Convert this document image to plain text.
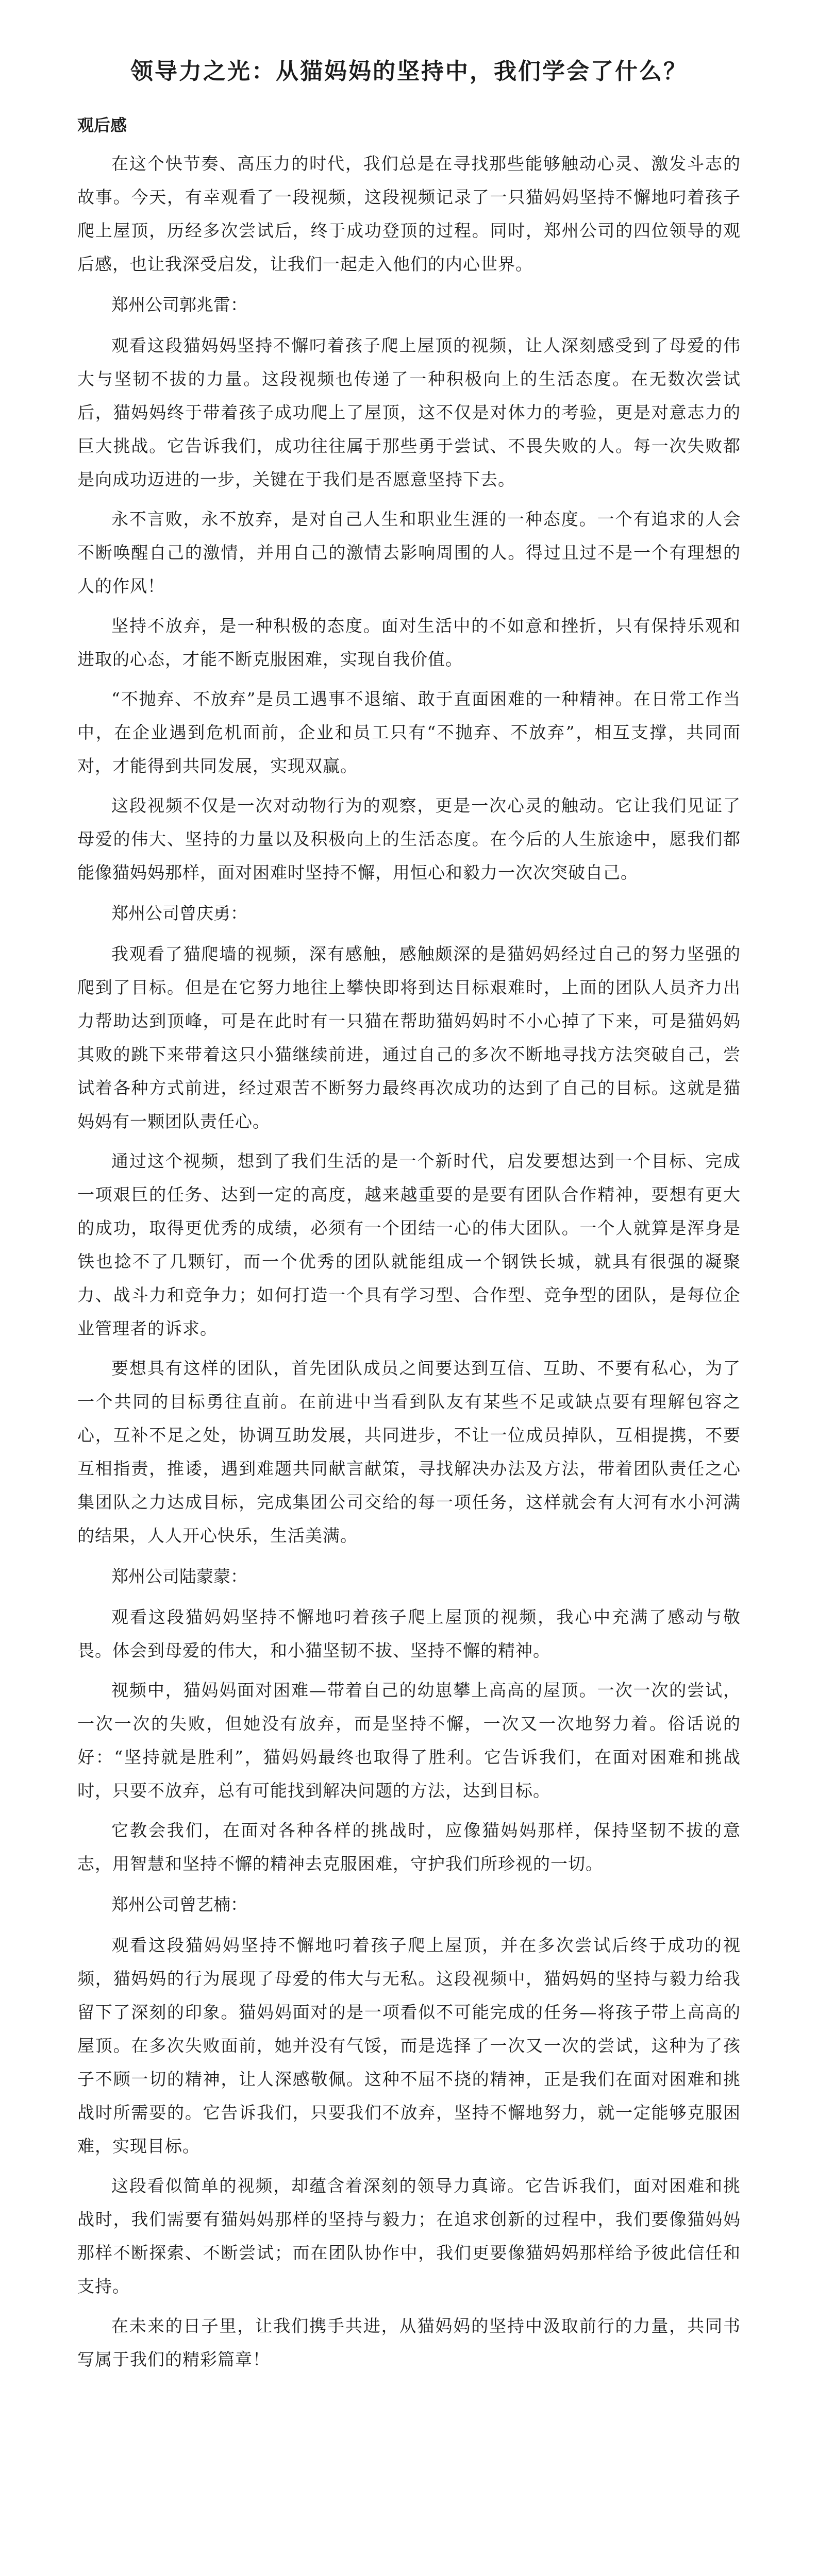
领导力之光：从猫妈妈的坚持中，我们学会了什么？
观后感

在这个快节奏、高压力的时代，我们总是在寻找那些能够触动心灵、激发斗志的故事。今天，有幸观看了一段视频，这段视频记录了一只猫妈妈坚持不懈地叼着孩子爬上屋顶，历经多次尝试后，终于成功登顶的过程。同时，郑州公司的四位领导的观后感，也让我深受启发，让我们一起走入他们的内心世界。

郑州公司郭兆雷：

观看这段猫妈妈坚持不懈叼着孩子爬上屋顶的视频，让人深刻感受到了母爱的伟大与坚韧不拔的力量。这段视频也传递了一种积极向上的生活态度。在无数次尝试后，猫妈妈终于带着孩子成功爬上了屋顶，这不仅是对体力的考验，更是对意志力的巨大挑战。它告诉我们，成功往往属于那些勇于尝试、不畏失败的人。每一次失败都是向成功迈进的一步，关键在于我们是否愿意坚持下去。

永不言败，永不放弃，是对自己人生和职业生涯的一种态度。一个有追求的人会不断唤醒自己的激情，并用自己的激情去影响周围的人。得过且过不是一个有理想的人的作风！

坚持不放弃，是一种积极的态度。面对生活中的不如意和挫折，只有保持乐观和进取的心态，才能不断克服困难，实现自我价值。

“不抛弃、不放弃”是员工遇事不退缩、敢于直面困难的一种精神。在日常工作当中，在企业遇到危机面前，企业和员工只有“不抛弃、不放弃”，相互支撑，共同面对，才能得到共同发展，实现双赢。

这段视频不仅是一次对动物行为的观察，更是一次心灵的触动。它让我们见证了母爱的伟大、坚持的力量以及积极向上的生活态度。在今后的人生旅途中，愿我们都能像猫妈妈那样，面对困难时坚持不懈，用恒心和毅力一次次突破自己。

郑州公司曾庆勇：

我观看了猫爬墙的视频，深有感触，感触颇深的是猫妈妈经过自己的努力坚强的爬到了目标。但是在它努力地往上攀快即将到达目标艰难时，上面的团队人员齐力出力帮助达到顶峰，可是在此时有一只猫在帮助猫妈妈时不小心掉了下来，可是猫妈妈其败的跳下来带着这只小猫继续前进，通过自己的多次不断地寻找方法突破自己，尝试着各种方式前进，经过艰苦不断努力最终再次成功的达到了自己的目标。这就是猫妈妈有一颗团队责任心。

通过这个视频，想到了我们生活的是一个新时代，启发要想达到一个目标、完成一项艰巨的任务、达到一定的高度，越来越重要的是要有团队合作精神，要想有更大的成功，取得更优秀的成绩，必须有一个团结一心的伟大团队。一个人就算是浑身是铁也捻不了几颗钉，而一个优秀的团队就能组成一个钢铁长城，就具有很强的凝聚力、战斗力和竞争力；如何打造一个具有学习型、合作型、竞争型的团队，是每位企业管理者的诉求。

要想具有这样的团队，首先团队成员之间要达到互信、互助、不要有私心，为了一个共同的目标勇往直前。在前进中当看到队友有某些不足或缺点要有理解包容之心，互补不足之处，协调互助发展，共同进步，不让一位成员掉队，互相提携，不要互相指责，推诿，遇到难题共同献言献策，寻找解决办法及方法，带着团队责任之心集团队之力达成目标，完成集团公司交给的每一项任务，这样就会有大河有水小河满的结果，人人开心快乐，生活美满。

郑州公司陆蒙蒙：

观看这段猫妈妈坚持不懈地叼着孩子爬上屋顶的视频，我心中充满了感动与敬畏。体会到母爱的伟大，和小猫坚韧不拔、坚持不懈的精神。

视频中，猫妈妈面对困难—带着自己的幼崽攀上高高的屋顶。一次一次的尝试，一次一次的失败，但她没有放弃，而是坚持不懈，一次又一次地努力着。俗话说的好：“坚持就是胜利”，猫妈妈最终也取得了胜利。它告诉我们，在面对困难和挑战时，只要不放弃，总有可能找到解决问题的方法，达到目标。

它教会我们，在面对各种各样的挑战时，应像猫妈妈那样，保持坚韧不拔的意志，用智慧和坚持不懈的精神去克服困难，守护我们所珍视的一切。

郑州公司曾艺楠：

观看这段猫妈妈坚持不懈地叼着孩子爬上屋顶，并在多次尝试后终于成功的视频，猫妈妈的行为展现了母爱的伟大与无私。这段视频中，猫妈妈的坚持与毅力给我留下了深刻的印象。猫妈妈面对的是一项看似不可能完成的任务—将孩子带上高高的屋顶。在多次失败面前，她并没有气馁，而是选择了一次又一次的尝试，这种为了孩子不顾一切的精神，让人深感敬佩。这种不屈不挠的精神，正是我们在面对困难和挑战时所需要的。它告诉我们，只要我们不放弃，坚持不懈地努力，就一定能够克服困难，实现目标。

这段看似简单的视频，却蕴含着深刻的领导力真谛。它告诉我们，面对困难和挑战时，我们需要有猫妈妈那样的坚持与毅力；在追求创新的过程中，我们要像猫妈妈那样不断探索、不断尝试；而在团队协作中，我们更要像猫妈妈那样给予彼此信任和支持。

在未来的日子里，让我们携手共进，从猫妈妈的坚持中汲取前行的力量，共同书写属于我们的精彩篇章！
